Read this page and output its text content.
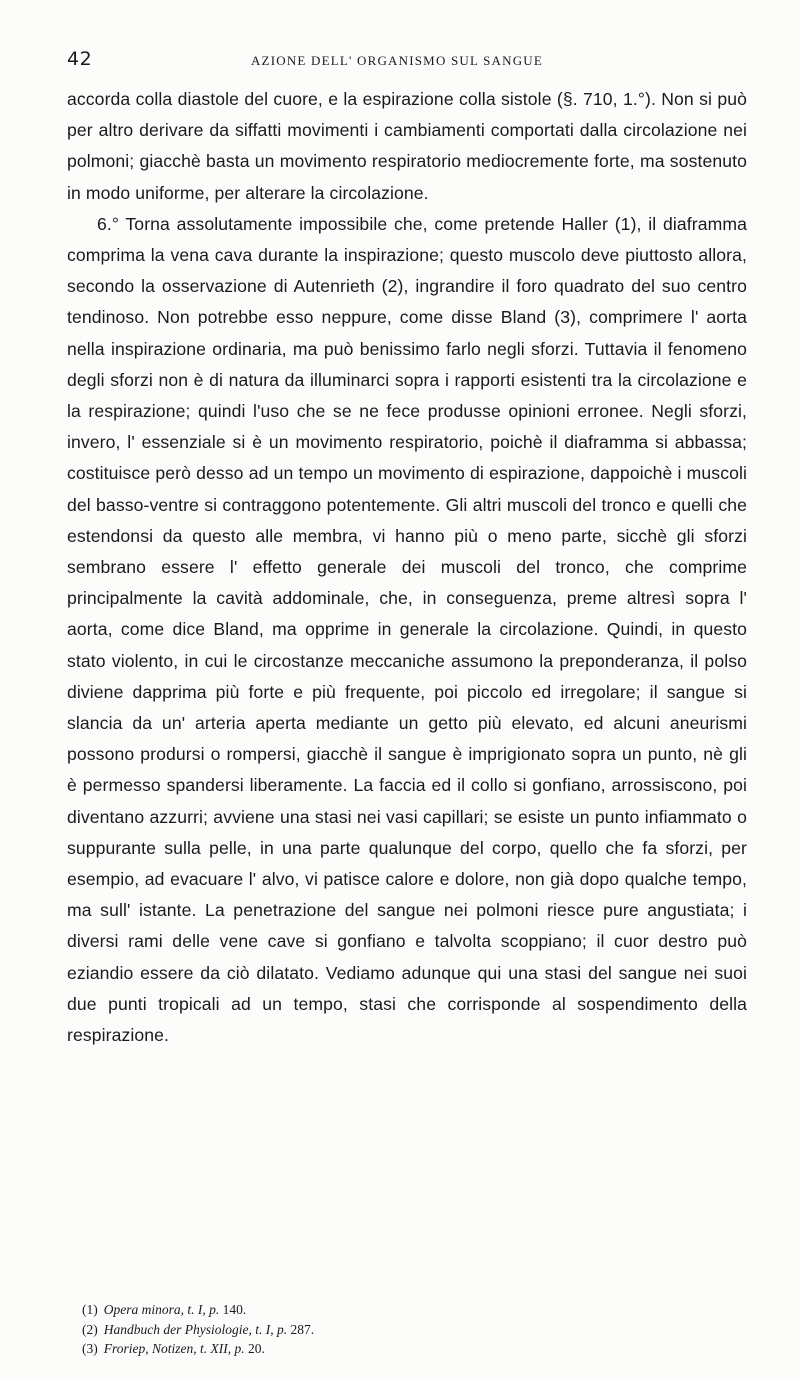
42	AZIONE DELL' ORGANISMO SUL SANGUE

accorda colla diastole del cuore, e la espirazione colla sistole (§. 710, 1.°). Non si può per altro derivare da siffatti movimenti i cambiamenti comportati dalla circolazione nei polmoni; giacchè basta un movimento respiratorio mediocremente forte, ma sostenuto in modo uniforme, per alterare la circolazione.

6.° Torna assolutamente impossibile che, come pretende Haller (1), il diaframma comprima la vena cava durante la inspirazione; questo muscolo deve piuttosto allora, secondo la osservazione di Autenrieth (2), ingrandire il foro quadrato del suo centro tendinoso. Non potrebbe esso neppure, come disse Bland (3), comprimere l' aorta nella inspirazione ordinaria, ma può benissimo farlo negli sforzi. Tuttavia il fenomeno degli sforzi non è di natura da illuminarci sopra i rapporti esistenti tra la circolazione e la respirazione; quindi l'uso che se ne fece produsse opinioni erronee. Negli sforzi, invero, l' essenziale si è un movimento respiratorio, poichè il diaframma si abbassa; costituisce però desso ad un tempo un movimento di espirazione, dappoichè i muscoli del basso-ventre si contraggono potentemente. Gli altri muscoli del tronco e quelli che estendonsi da questo alle membra, vi hanno più o meno parte, sicchè gli sforzi sembrano essere l' effetto generale dei muscoli del tronco, che comprime principalmente la cavità addominale, che, in conseguenza, preme altresì sopra l' aorta, come dice Bland, ma opprime in generale la circolazione. Quindi, in questo stato violento, in cui le circostanze meccaniche assumono la preponderanza, il polso diviene dapprima più forte e più frequente, poi piccolo ed irregolare; il sangue si slancia da un' arteria aperta mediante un getto più elevato, ed alcuni aneurismi possono prodursi o rompersi, giacchè il sangue è imprigionato sopra un punto, nè gli è permesso spandersi liberamente. La faccia ed il collo si gonfiano, arrossiscono, poi diventano azzurri; avviene una stasi nei vasi capillari; se esiste un punto infiammato o suppurante sulla pelle, in una parte qualunque del corpo, quello che fa sforzi, per esempio, ad evacuare l' alvo, vi patisce calore e dolore, non già dopo qualche tempo, ma sull' istante. La penetrazione del sangue nei polmoni riesce pure angustiata; i diversi rami delle vene cave si gonfiano e talvolta scoppiano; il cuor destro può eziandio essere da ciò dilatato. Vediamo adunque qui una stasi del sangue nei suoi due punti tropicali ad un tempo, stasi che corrisponde al sospendimento della respirazione.

(1) Opera minora, t. I, p. 140.
(2) Handbuch der Physiologie, t. I, p. 287.
(3) Froriep, Notizen, t. XII, p. 20.
